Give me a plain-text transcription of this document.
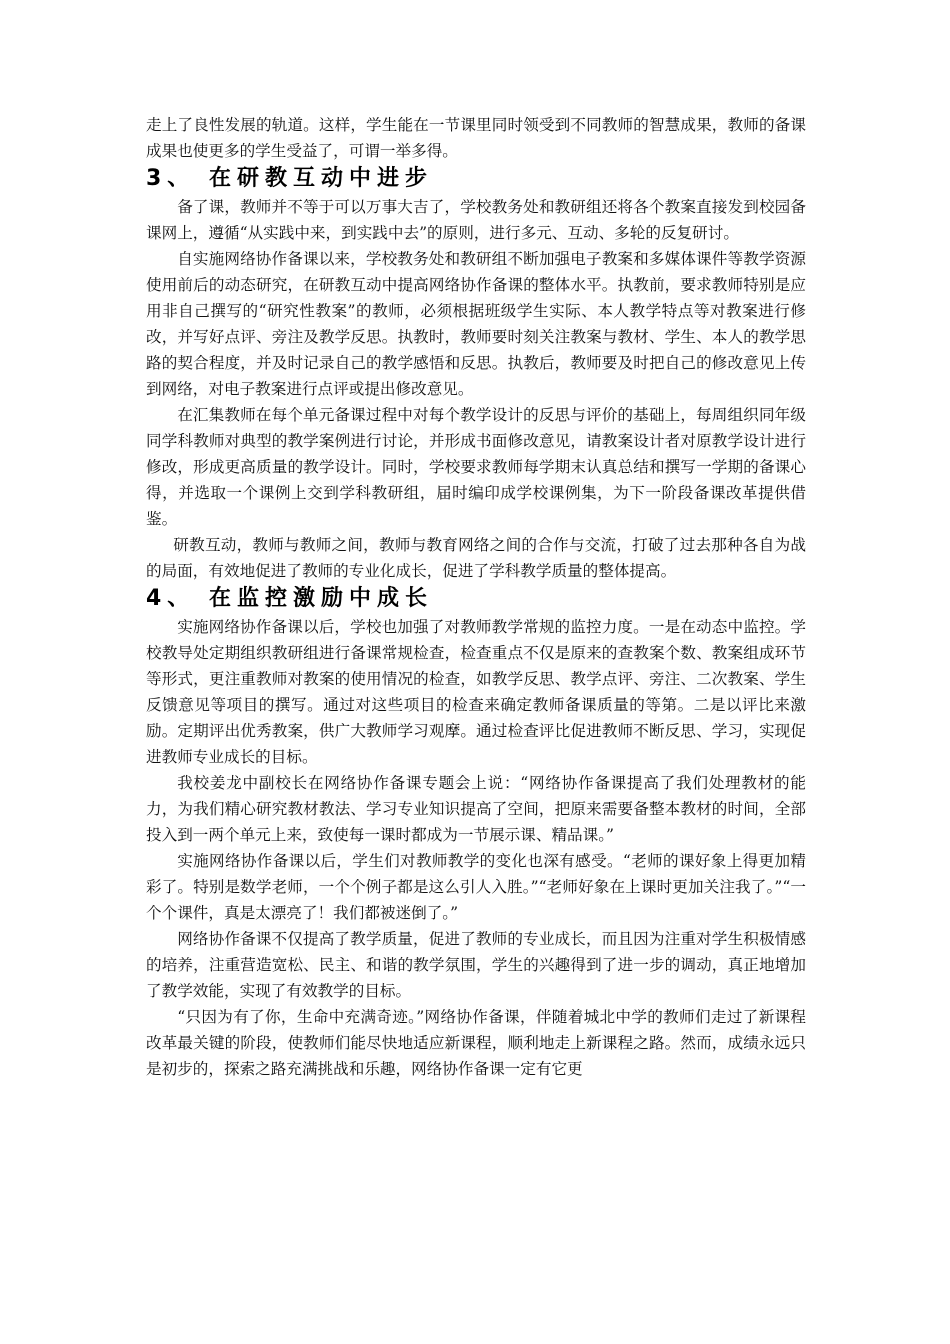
走上了良性发展的轨道。这样，学生能在一节课里同时领受到不同教师的智慧成果，教师的备课成果也使更多的学生受益了，可谓一举多得。

3、 在研教互动中进步

备了课，教师并不等于可以万事大吉了，学校教务处和教研组还将各个教案直接发到校园备课网上，遵循“从实践中来，到实践中去”的原则，进行多元、互动、多轮的反复研讨。

自实施网络协作备课以来，学校教务处和教研组不断加强电子教案和多媒体课件等教学资源使用前后的动态研究，在研教互动中提高网络协作备课的整体水平。执教前，要求教师特别是应用非自己撰写的“研究性教案”的教师，必须根据班级学生实际、本人教学特点等对教案进行修改，并写好点评、旁注及教学反思。执教时，教师要时刻关注教案与教材、学生、本人的教学思路的契合程度，并及时记录自己的教学感悟和反思。执教后，教师要及时把自己的修改意见上传到网络，对电子教案进行点评或提出修改意见。

在汇集教师在每个单元备课过程中对每个教学设计的反思与评价的基础上，每周组织同年级同学科教师对典型的教学案例进行讨论，并形成书面修改意见，请教案设计者对原教学设计进行修改，形成更高质量的教学设计。同时，学校要求教师每学期末认真总结和撰写一学期的备课心得，并选取一个课例上交到学科教研组，届时编印成学校课例集，为下一阶段备课改革提供借鉴。

研教互动，教师与教师之间，教师与教育网络之间的合作与交流，打破了过去那种各自为战的局面，有效地促进了教师的专业化成长，促进了学科教学质量的整体提高。

4、 在监控激励中成长

实施网络协作备课以后，学校也加强了对教师教学常规的监控力度。一是在动态中监控。学校教导处定期组织教研组进行备课常规检查，检查重点不仅是原来的查教案个数、教案组成环节等形式，更注重教师对教案的使用情况的检查，如教学反思、教学点评、旁注、二次教案、学生反馈意见等项目的撰写。通过对这些项目的检查来确定教师备课质量的等第。二是以评比来激励。定期评出优秀教案，供广大教师学习观摩。通过检查评比促进教师不断反思、学习，实现促进教师专业成长的目标。

我校姜龙中副校长在网络协作备课专题会上说：“网络协作备课提高了我们处理教材的能力，为我们精心研究教材教法、学习专业知识提高了空间，把原来需要备整本教材的时间，全部投入到一两个单元上来，致使每一课时都成为一节展示课、精品课。”

实施网络协作备课以后，学生们对教师教学的变化也深有感受。“老师的课好象上得更加精彩了。特别是数学老师，一个个例子都是这么引人入胜。”“老师好象在上课时更加关注我了。”“一个个课件，真是太漂亮了！我们都被迷倒了。”

网络协作备课不仅提高了教学质量，促进了教师的专业成长，而且因为注重对学生积极情感的培养，注重营造宽松、民主、和谐的教学氛围，学生的兴趣得到了进一步的调动，真正地增加了教学效能，实现了有效教学的目标。

“只因为有了你，生命中充满奇迹。”网络协作备课，伴随着城北中学的教师们走过了新课程改革最关键的阶段，使教师们能尽快地适应新课程，顺利地走上新课程之路。然而，成绩永远只是初步的，探索之路充满挑战和乐趣，网络协作备课一定有它更
